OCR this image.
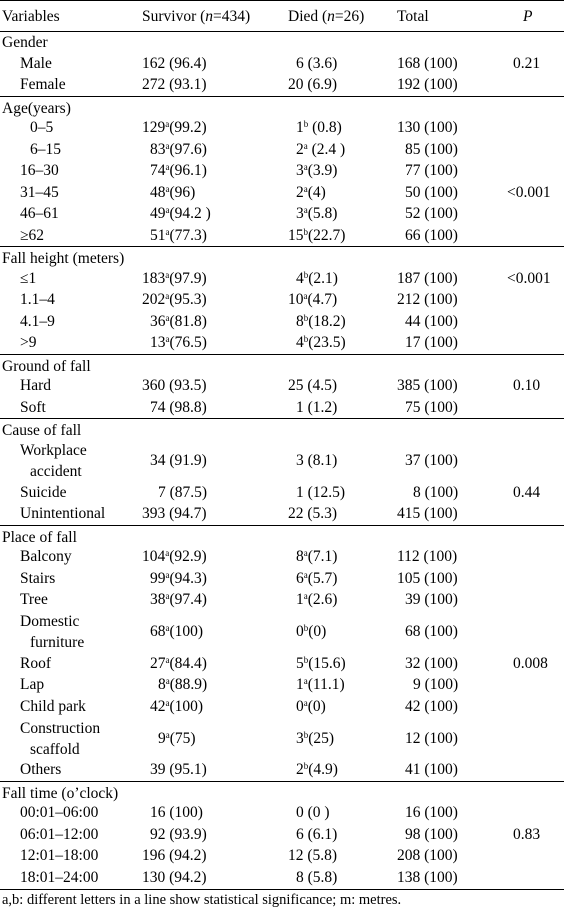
Variables	Survivor (n=434)	Died (n=26)	Total	P
Gender				
Male	162 (96.4)	6 (3.6)	168 (100)	0.21
Female	272 (93.1)	20 (6.9)	192 (100)	
Age(years)				
0–5	129$^a$(99.2)	1$^b$ (0.8)	130 (100)	
6–15	83$^a$(97.6)	2$^a$ (2.4 )	85 (100)	
16–30	74$^a$(96.1)	3$^a$(3.9)	77 (100)	
31–45	48$^a$(96)	2$^a$(4)	50 (100)	<0.001
46–61	49$^a$(94.2 )	3$^a$(5.8)	52 (100)	
≥62	51$^a$(77.3)	15$^b$(22.7)	66 (100)	
Fall height (meters)				
≤1	183$^a$(97.9)	4$^b$(2.1)	187 (100)	<0.001
1.1–4	202$^a$(95.3)	10$^a$(4.7)	212 (100)	
4.1–9	36$^a$(81.8)	8$^b$(18.2)	44 (100)	
>9	13$^a$(76.5)	4$^b$(23.5)	17 (100)	
Ground of fall				
Hard	360 (93.5)	25 (4.5)	385 (100)	0.10
Soft	74 (98.8)	1 (1.2)	75 (100)	
Cause of fall				

Workplace
accident	34 (91.9)	3 (8.1)	37 (100)	
Suicide	7 (87.5)	1 (12.5)	8 (100)	0.44
Unintentional	393 (94.7)	22 (5.3)	415 (100)	
Place of fall				
Balcony	104$^a$(92.9)	8$^a$(7.1)	112 (100)	
Stairs	99$^a$(94.3)	6$^a$(5.7)	105 (100)	
Tree	38$^a$(97.4)	1$^a$(2.6)	39 (100)	

Domestic
furniture	68$^a$(100)	0$^b$(0)	68 (100)	
Roof	27$^a$(84.4)	5$^b$(15.6)	32 (100)	0.008
Lap	8$^a$(88.9)	1$^a$(11.1)	9 (100)	
Child park	42$^a$(100)	0$^a$(0)	42 (100)	

Construction
scaffold	9$^a$(75)	3$^b$(25)	12 (100)	
Others	39 (95.1)	2$^b$(4.9)	41 (100)	
Fall time (o’clock)				
00:01–06:00	16 (100)	0 (0 )	16 (100)	
06:01–12:00	92 (93.9)	6 (6.1)	98 (100)	0.83
12:01–18:00	196 (94.2)	12 (5.8)	208 (100)	
18:01–24:00	130 (94.2)	8 (5.8)	138 (100)	
a,b: different letters in a line show statistical significance; m: metres.
